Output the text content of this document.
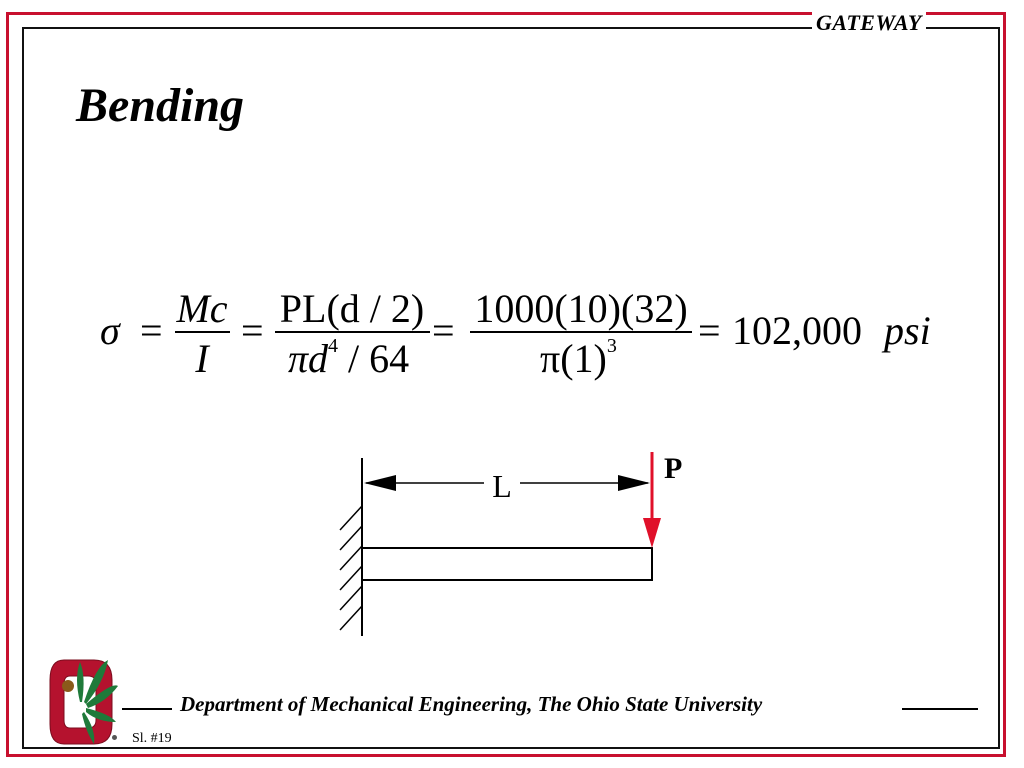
GATEWAY
Bending
σ = Mc
I
= PL(d / 2)
$\pi d^4 / 64$
= 1000(10)(32)
$\pi(1)^3 = 102,000$ psi
L	P
Department of Mechanical Engineering, The Ohio State University
Sl. #19
